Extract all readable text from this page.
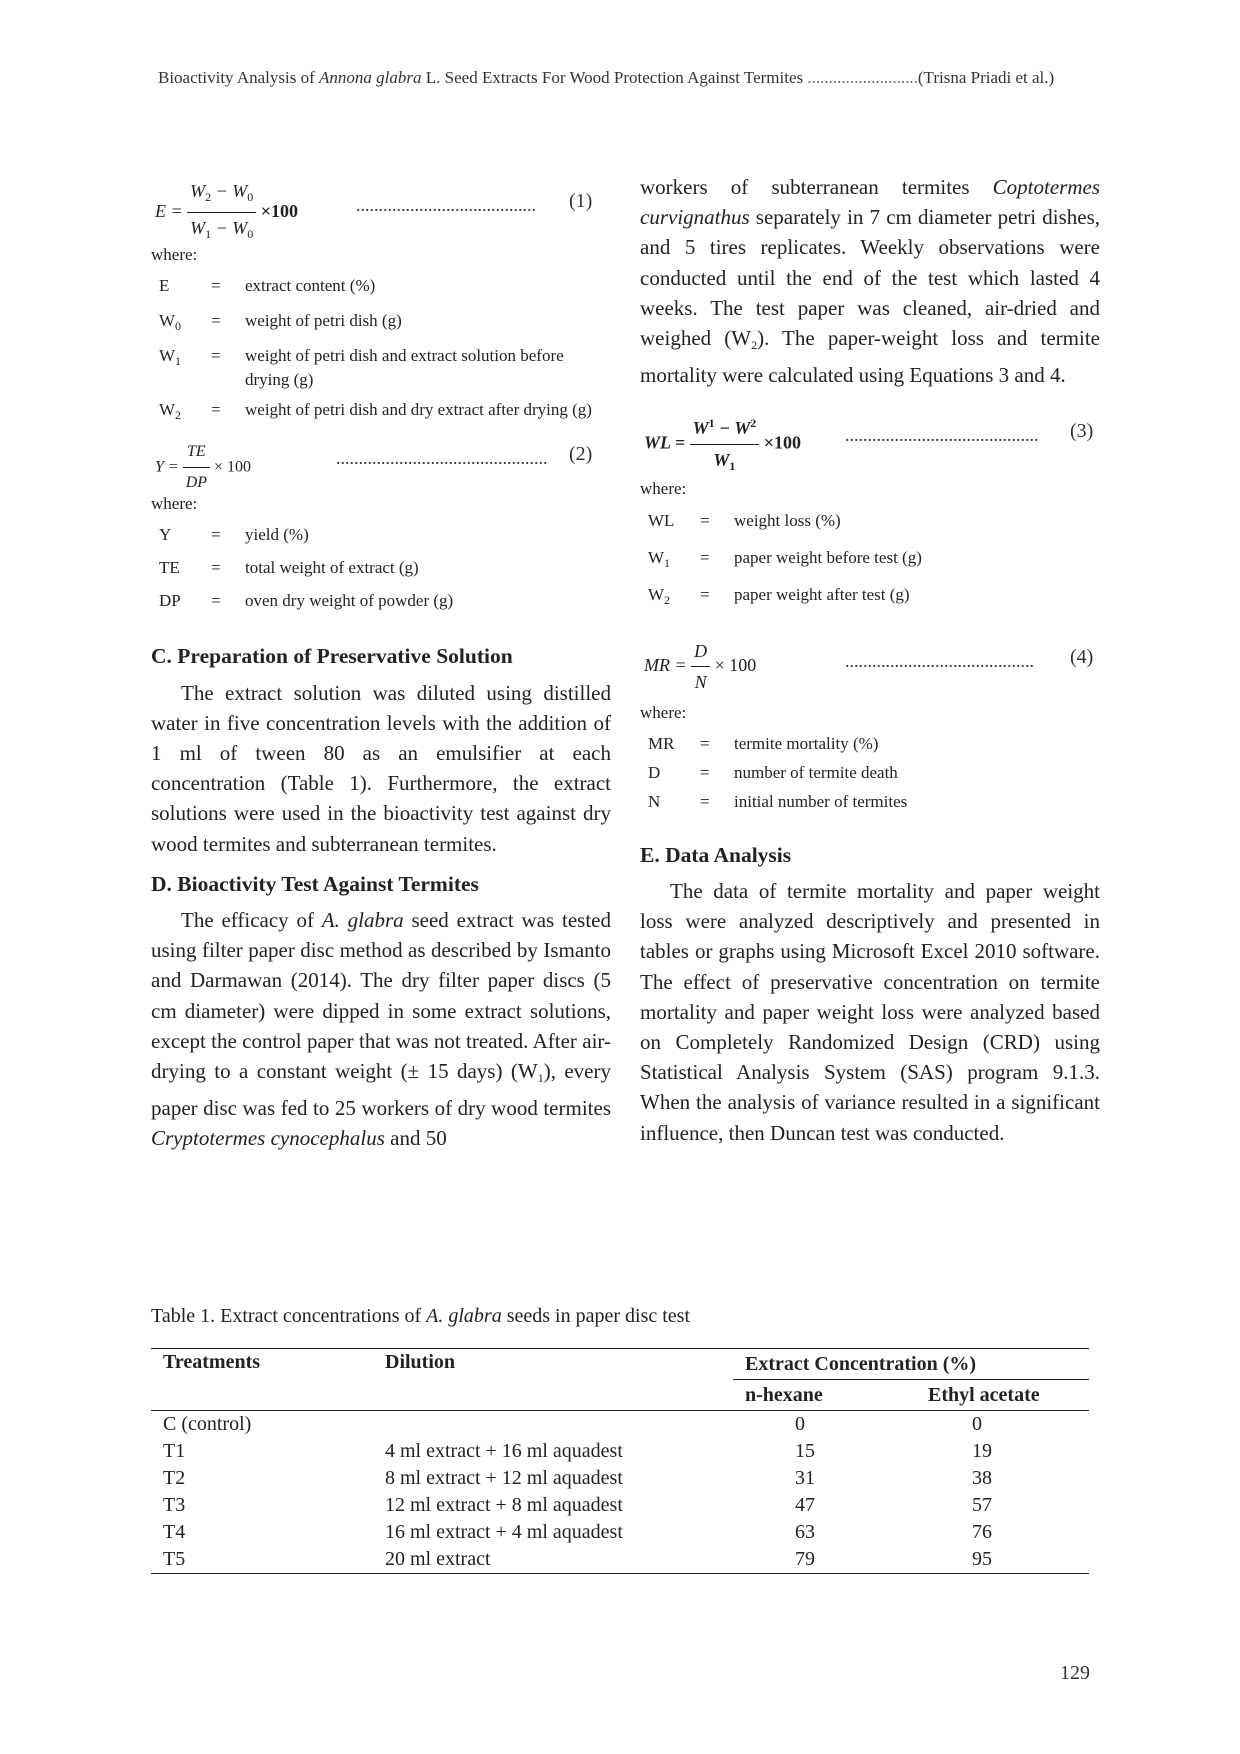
Bioactivity Analysis of Annona glabra L. Seed Extracts For Wood Protection Against Termites ..........................(Trisna Priadi et al.)
$E = \frac{W_2 - W_0}{W_1 - W_0} \times 100$	........................................ (1)
where:
E	=	extract content (%)
$W_0$	=	weight of petri dish (g)
$W_1$	=	weight of petri dish and extract solution before drying (g)
$W_2$	=	weight of petri dish and dry extract after drying (g)
$Y = \frac{TE}{DP} \times 100$	............................................... (2)
where:
Y	=	yield (%)
TE	=	total weight of extract (g)
DP	=	oven dry weight of powder (g)

C. Preparation of Preservative Solution

The extract solution was diluted using distilled water in five concentration levels with the addition of 1 ml of tween 80 as an emulsifier at each concentration (Table 1). Furthermore, the extract solutions were used in the bioactivity test against dry wood termites and subterranean termites.

D. Bioactivity Test Against Termites

The efficacy of A. glabra seed extract was tested using filter paper disc method as described by Ismanto and Darmawan (2014). The dry filter paper discs (5 cm diameter) were dipped in some extract solutions, except the control paper that was not treated. After air-drying to a constant weight (± 15 days) $(W_1)$, every paper disc was fed to 25 workers of dry wood termites Cryptotermes cynocephalus and 50

workers of subterranean termites Coptotermes curvignathus separately in 7 cm diameter petri dishes, and 5 tires replicates. Weekly observations were conducted until the end of the test which lasted 4 weeks. The test paper was cleaned, air-dried and weighed $(W_2)$. The paper-weight loss and termite mortality were calculated using Equations 3 and 4.

WL = $\frac{W^1 - W^2}{W_1} \times 100$ ........................................... (3)
where:
WL	=	weight loss (%)
$W_1$	=	paper weight before test (g)
$W_2$	=	paper weight after test (g)
MR = $\frac{D}{N} \times 100$	.......................................... (4)
where:
MR	=	termite mortality (%)
D	=	number of termite death
N	=	initial number of termites

E. Data Analysis

The data of termite mortality and paper weight loss were analyzed descriptively and presented in tables or graphs using Microsoft Excel 2010 software. The effect of preservative concentration on termite mortality and paper weight loss were analyzed based on Completely Randomized Design (CRD) using Statistical Analysis System (SAS) program 9.1.3. When the analysis of variance resulted in a significant influence, then Duncan test was conducted.

Table 1. Extract concentrations of A. glabra seeds in paper disc test
Treatments	Dilution	Extract Concentration (%)	
		n-hexane	Ethyl acetate
C (control)		0	0
T1	4 ml extract + 16 ml aquadest	15	19
T2	8 ml extract + 12 ml aquadest	31	38
T3	12 ml extract + 8 ml aquadest	47	57
T4	16 ml extract + 4 ml aquadest	63	76
T5	20 ml extract	79	95
129
